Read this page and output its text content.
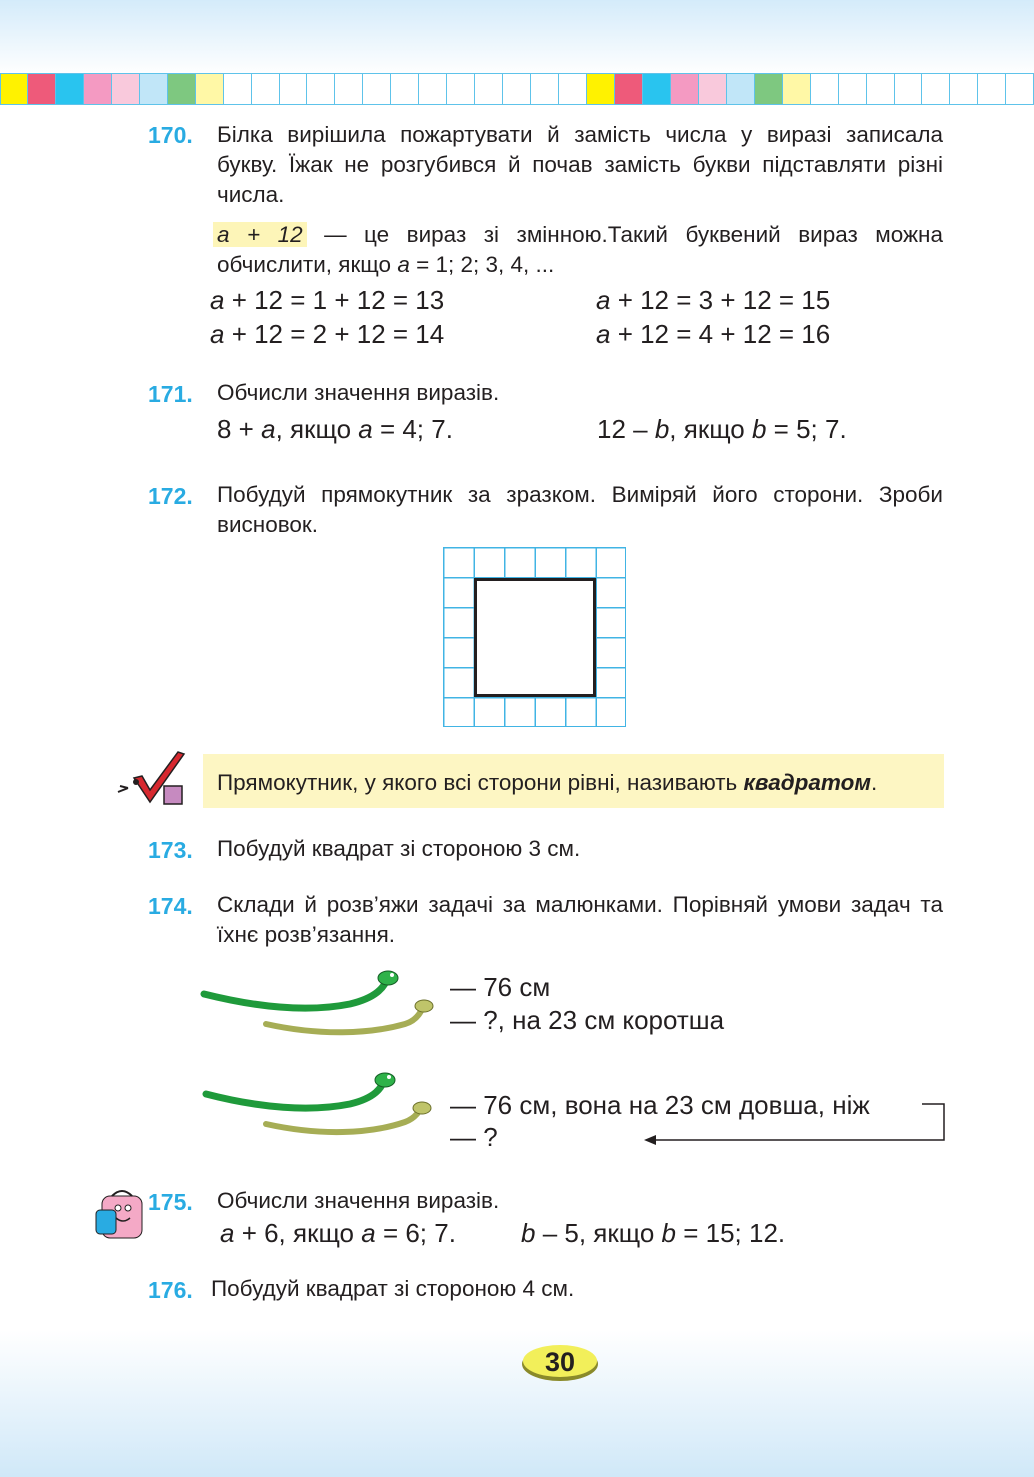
170. Білка вирішила пожартувати й замість числа у виразі записала букву. Їжак не розгубився й почав замість букви підставляти різні числа.
a + 12 — це вираз зі змінною.Такий буквений вираз можна обчислити, якщо a = 1; 2; 3, 4, ...
a + 12 = 1 + 12 = 13
a + 12 = 2 + 12 = 14
a + 12 = 3 + 12 = 15
a + 12 = 4 + 12 = 16
171. Обчисли значення виразів.
8 + a, якщо a = 4; 7.	12 – b, якщо b = 5; 7.
172. Побудуй прямокутник за зразком. Виміряй його сторони. Зроби висновок.
Прямокутник, у якого всі сторони рівні, називають квадратом.
173. Побудуй квадрат зі стороною 3 см.
174. Склади й розв’яжи задачі за малюнками. Порівняй умови задач та їхнє розв’язання.
— 76 см
— ?, на 23 см коротша
— 76 см, вона на 23 см довша, ніж
— ?
175. Обчисли значення виразів.
a + 6, якщо a = 6; 7.	b – 5, якщо b = 15; 12.
176. Побудуй квадрат зі стороною 4 см.
30
